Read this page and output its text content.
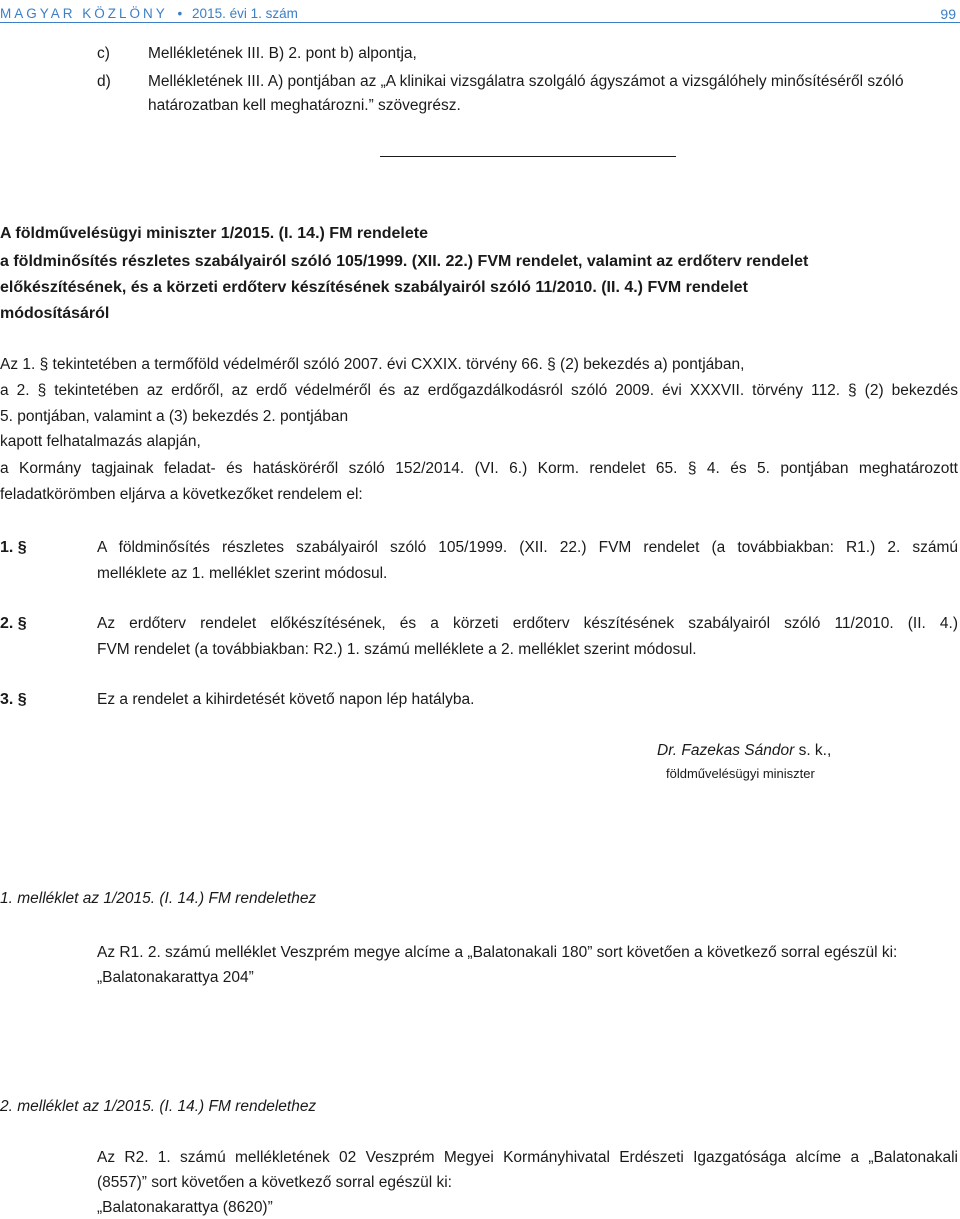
MAGYAR KÖZLÖNY • 2015. évi 1. szám	99
c) Mellékletének III. B) 2. pont b) alpontja,
d) Mellékletének III. A) pontjában az „A klinikai vizsgálatra szolgáló ágyszámot a vizsgálóhely minősítéséről szóló
határozatban kell meghatározni.” szövegrész.
A földművelésügyi miniszter 1/2015. (I. 14.) FM rendelete
a földminősítés részletes szabályairól szóló 105/1999. (XII. 22.) FVM rendelet, valamint az erdőterv rendelet
előkészítésének, és a körzeti erdőterv készítésének szabályairól szóló 11/2010. (II. 4.) FVM rendelet
módosításáról
Az 1. § tekintetében a termőföld védelméről szóló 2007. évi CXXIX. törvény 66. § (2) bekezdés a) pontjában,
a 2. § tekintetében az erdőről, az erdő védelméről és az erdőgazdálkodásról szóló 2009. évi XXXVII. törvény 112. § (2) bekezdés
5. pontjában, valamint a (3) bekezdés 2. pontjában
kapott felhatalmazás alapján,
a Kormány tagjainak feladat- és hatásköréről szóló 152/2014. (VI. 6.) Korm. rendelet 65. § 4. és 5. pontjában meghatározott
feladatkörömben eljárva a következőket rendelem el:
1. §	A földminősítés részletes szabályairól szóló 105/1999. (XII. 22.) FVM rendelet (a továbbiakban: R1.) 2. számú
melléklete az 1. melléklet szerint módosul.
2. §	Az erdőterv rendelet előkészítésének, és a körzeti erdőterv készítésének szabályairól szóló 11/2010. (II. 4.)
FVM rendelet (a továbbiakban: R2.) 1. számú melléklete a 2. melléklet szerint módosul.
3. §	Ez a rendelet a kihirdetését követő napon lép hatályba.
Dr. Fazekas Sándor s. k.,
földművelésügyi miniszter
1. melléklet az 1/2015. (I. 14.) FM rendelethez
Az R1. 2. számú melléklet Veszprém megye alcíme a „Balatonakali 180” sort követően a következő sorral egészül ki:
„Balatonakarattya 204”
2. melléklet az 1/2015. (I. 14.) FM rendelethez
Az R2. 1. számú mellékletének 02 Veszprém Megyei Kormányhivatal Erdészeti Igazgatósága alcíme a „Balatonakali
(8557)” sort követően a következő sorral egészül ki:
„Balatonakarattya (8620)”
